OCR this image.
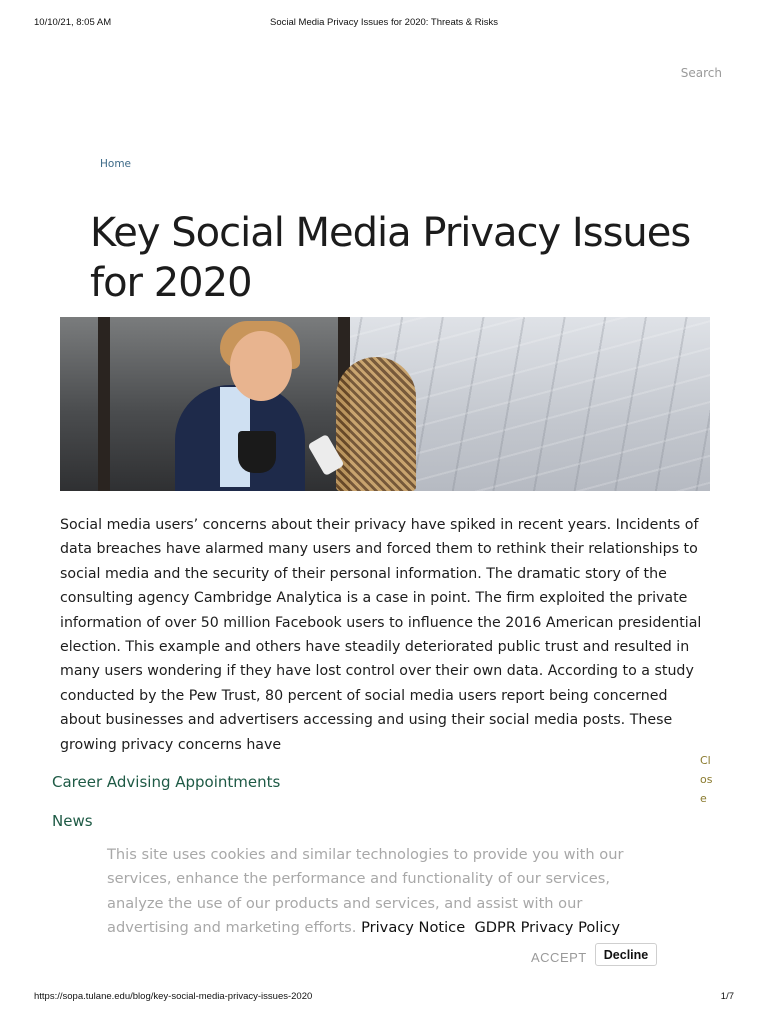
10/10/21, 8:05 AM	Social Media Privacy Issues for 2020: Threats & Risks
Search
Home
Key Social Media Privacy Issues for 2020

Social media users’ concerns about their privacy have spiked in recent years. Incidents of data breaches have alarmed many users and forced them to rethink their relationships to social media and the security of their personal information. The dramatic story of the consulting agency Cambridge Analytica is a case in point. The firm exploited the private information of over 50 million Facebook users to influence the 2016 American presidential election. This example and others have steadily deteriorated public trust and resulted in many users wondering if they have lost control over their own data. According to a study conducted by the Pew Trust, 80 percent of social media users report being concerned about businesses and advertisers accessing and using their social media posts. These growing privacy concerns have

Career Advising Appointments
News
Close

This site uses cookies and similar technologies to provide you with our services, enhance the performance and functionality of our services, analyze the use of our products and services, and assist with our advertising and marketing efforts. Privacy Notice GDPR Privacy Policy

ACCEPT	Decline
https://sopa.tulane.edu/blog/key-social-media-privacy-issues-2020	1/7
